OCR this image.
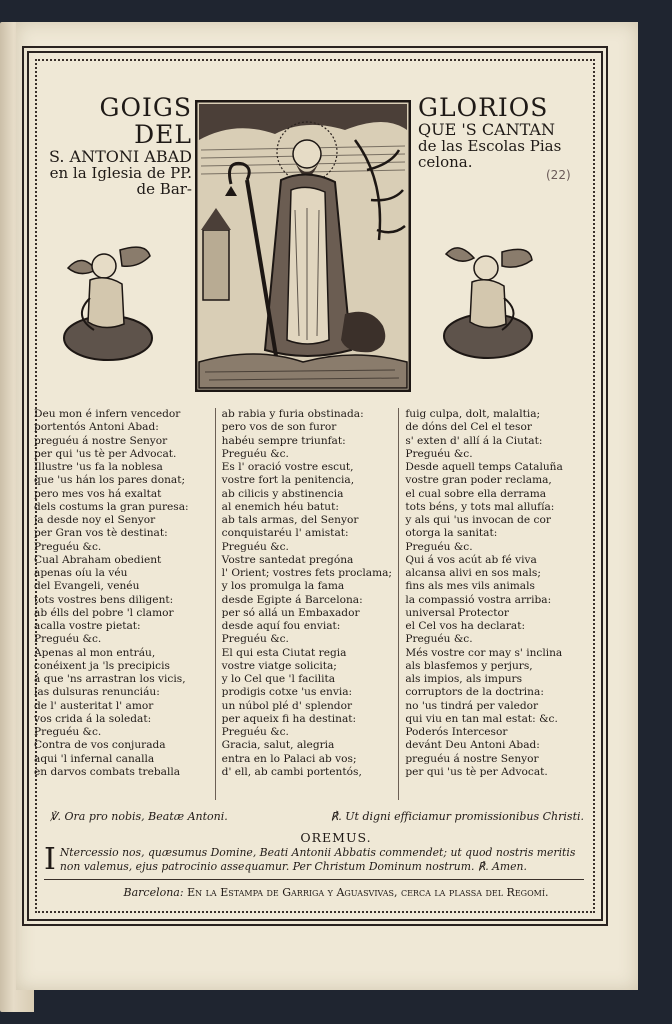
GOIGS DEL
S. ANTONI ABAD
en la Iglesia de PP.
de Bar-
GLORIOS
QUE 'S CANTAN
de las Escolas Pias
celona.
(22)
Deu mon é infern vencedor
portentós Antoni Abad:
preguéu á nostre Senyor
per qui 'us tè per Advocat.
Illustre 'us fa la noblesa
que 'us hán los pares donat;
pero mes vos há exaltat
dels costums la gran puresa:
ja desde noy el Senyor
per Gran vos tè destinat:
Preguéu &c.
Cual Abraham obedient
apenas oíu la véu
del Evangeli, venéu
tots vostres bens diligent:
ab élls del pobre 'l clamor
acalla vostre pietat:
Preguéu &c.
Apenas al mon entráu,
conéixent ja 'ls precipicis
á que 'ns arrastran los vicis,
las dulsuras renunciáu:
de l' austeritat l' amor
vos crida á la soledat:
Preguéu &c.
Contra de vos conjurada
aqui 'l infernal canalla
en darvos combats treballa
ab rabia y furia obstinada:
pero vos de son furor
habéu sempre triunfat:
Preguéu &c.
Es l' oració vostre escut,
vostre fort la penitencia,
ab cilicis y abstinencia
al enemich héu batut:
ab tals armas, del Senyor
conquistaréu l' amistat:
Preguéu &c.
Vostre santedat pregóna
l' Orient; vostres fets proclama;
y los promulga la fama
desde Egipte á Barcelona:
per só allá un Embaxador
desde aquí fou enviat:
Preguéu &c.
El qui esta Ciutat regia
vostre viatge solicita;
y lo Cel que 'l facilita
prodigis cotxe 'us envia:
un núbol plé d' splendor
per aqueix fi ha destinat:
Preguéu &c.
Gracia, salut, alegria
entra en lo Palaci ab vos;
d' ell, ab cambi portentós,
fuig culpa, dolt, malaltia;
de dóns del Cel el tesor
s' exten d' allí á la Ciutat:
Preguéu &c.
Desde aquell temps Cataluña
vostre gran poder reclama,
el cual sobre ella derrama
tots béns, y tots mal allufía:
y als qui 'us invocan de cor
otorga la sanitat:
Preguéu &c.
Qui á vos acút ab fé viva
alcansa alivi en sos mals;
fins als mes vils animals
la compassió vostra arriba:
universal Protector
el Cel vos ha declarat:
Preguéu &c.
Més vostre cor may s' inclina
als blasfemos y perjurs,
als impios, als impurs
corruptors de la doctrina:
no 'us tindrá per valedor
qui viu en tan mal estat: &c.
Poderós Intercesor
devánt Deu Antoni Abad:
preguéu á nostre Senyor
per qui 'us tè per Advocat.
℣. Ora pro nobis, Beatæ Antoni.	℟. Ut digni efficiamur promissionibus Christi.
OREMUS.
I Ntercessio nos, quæsumus Domine, Beati Antonii Abbatis commendet; ut quod nostris meritis non valemus, ejus patrocinio assequamur. Per Christum Dominum nostrum. ℟. Amen.
Barcelona: En la Estampa de Garriga y Aguasvivas, cerca la plassa del Regomí.
